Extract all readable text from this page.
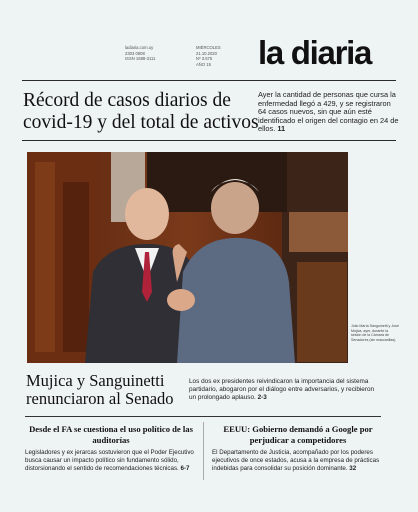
ladiaria.com.uy
2303 0808
ISSN 1688-3111
MIÉRCOLES
21.10.2020
Nº 3.575
AÑO 15 la diaria
Récord de casos diarios de covid-19 y del total de activos
Ayer la cantidad de personas que cursa la enfermedad llegó a 429, y se registraron 64 casos nuevos, sin que aún esté identificado el origen del contagio en 24 de ellos. 11
Julio María Sanguinetti y José Mujica, ayer, durante la sesión de la Cámara de Senadores (sin mascarillas).
Mujica y Sanguinetti renunciaron al Senado
Los dos ex presidentes reivindicaron la importancia del sistema partidario, abogaron por el diálogo entre adversarios, y recibieron un prolongado aplauso. 2-3
Desde el FA se cuestiona el uso político de las auditorías
Legisladores y ex jerarcas sostuvieron que el Poder Ejecutivo busca causar un impacto político sin fundamento sólido, distorsionando el sentido de recomendaciones técnicas. 6-7
EEUU: Gobierno demandó a Google por perjudicar a competidores
El Departamento de Justicia, acompañado por los poderes ejecutivos de once estados, acusa a la empresa de prácticas indebidas para consolidar su posición dominante. 32
